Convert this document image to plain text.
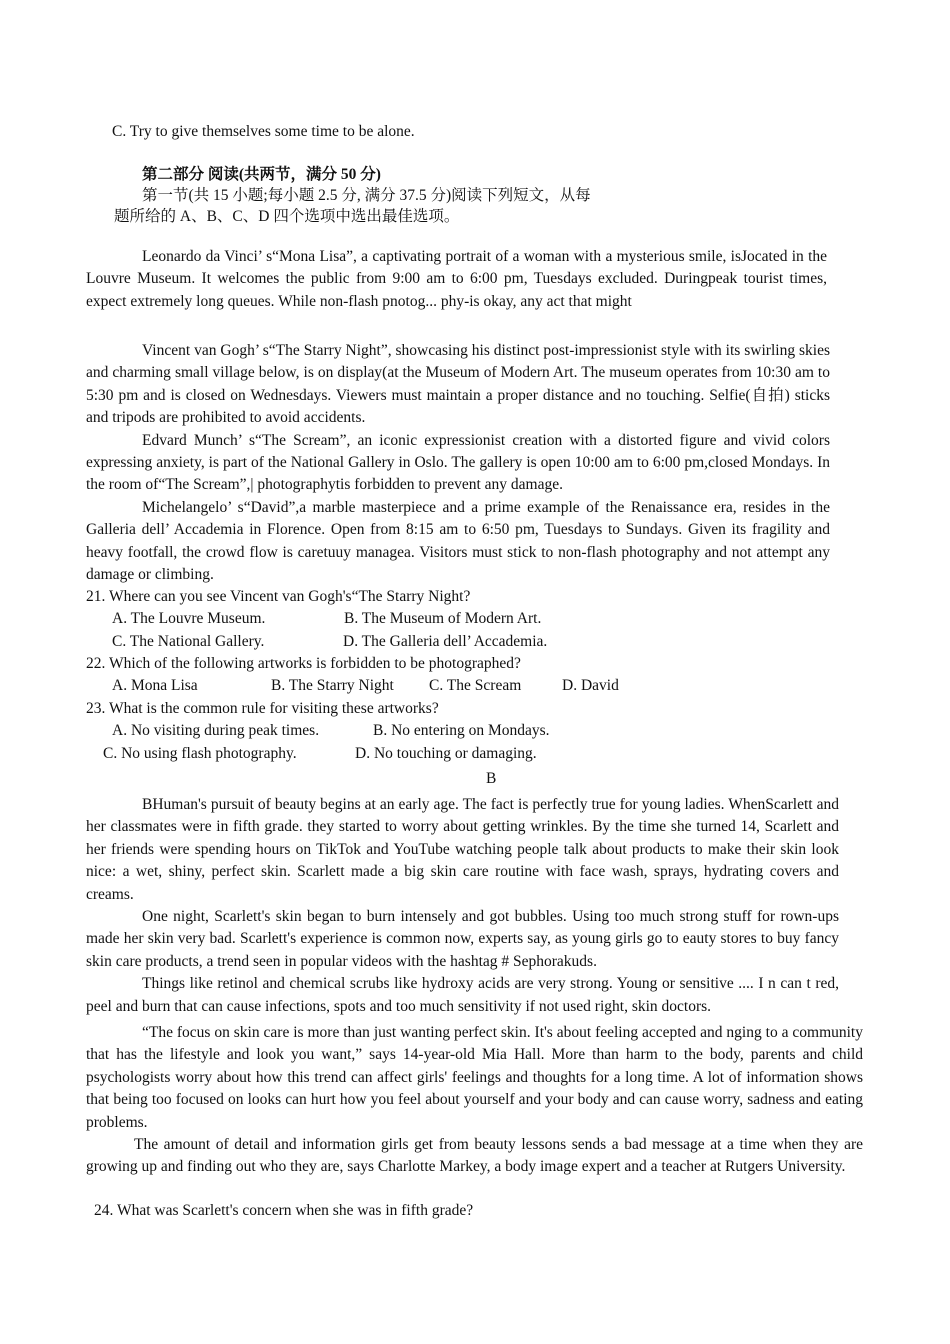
C. Try to give themselves some time to be alone.
第二部分 阅读(共两节，满分 50 分)
第一节(共 15 小题;每小题 2.5 分, 满分 37.5 分)阅读下列短文，从每
题所给的 A、B、C、D 四个选项中选出最佳选项。

Leonardo da Vinci’ s“Mona Lisa”, a captivating portrait of a woman with a mysterious smile, isJocated in the Louvre Museum. It welcomes the public from 9:00 am to 6:00 pm, Tuesdays excluded. Duringpeak tourist times, expect extremely long queues. While non-flash pnotog... phy-is okay, any act that might

Vincent van Gogh’ s“The Starry Night”, showcasing his distinct post-impressionist style with its swirling skies and charming small village below, is on display(at the Museum of Modern Art. The museum operates from 10:30 am to 5:30 pm and is closed on Wednesdays. Viewers must maintain a proper distance and no touching. Selfie(自拍) sticks and tripods are prohibited to avoid accidents.

Edvard Munch’ s“The Scream”, an iconic expressionist creation with a distorted figure and vivid colors expressing anxiety, is part of the National Gallery in Oslo. The gallery is open 10:00 am to 6:00 pm,closed Mondays. In the room of“The Scream”,| photographytis forbidden to prevent any damage.

Michelangelo’ s“David”,a marble masterpiece and a prime example of the Renaissance era, resides in the Galleria dell’ Accademia in Florence. Open from 8:15 am to 6:50 pm, Tuesdays to Sundays. Given its fragility and heavy footfall, the crowd flow is caretuuy managea. Visitors must stick to non-flash photography and not attempt any damage or climbing.

21. Where can you see Vincent van Gogh's“The Starry Night?
A. The Louvre Museum.	B. The Museum of Modern Art.
C. The National Gallery.	D. The Galleria dell’ Accademia.
22. Which of the following artworks is forbidden to be photographed?
A. Mona Lisa	B. The Starry Night C. The Scream	D. David
23. What is the common rule for visiting these artworks?
A. No visiting during peak times.	B. No entering on Mondays.
C. No using flash photography.	D. No touching or damaging.
B

BHuman's pursuit of beauty begins at an early age. The fact is perfectly true for young ladies. WhenScarlett and her classmates were in fifth grade. they started to worry about getting wrinkles. By the time she turned 14, Scarlett and her friends were spending hours on TikTok and YouTube watching people talk about products to make their skin look nice: a wet, shiny, perfect skin. Scarlett made a big skin care routine with face wash, sprays, hydrating covers and creams.

One night, Scarlett's skin began to burn intensely and got bubbles. Using too much strong stuff for rown-ups made her skin very bad. Scarlett's experience is common now, experts say, as young girls go to eauty stores to buy fancy skin care products, a trend seen in popular videos with the hashtag # Sephorakuds.

Things like retinol and chemical scrubs like hydroxy acids are very strong. Young or sensitive .... I n can t red, peel and burn that can cause infections, spots and too much sensitivity if not used right, skin doctors.

“The focus on skin care is more than just wanting perfect skin. It's about feeling accepted and nging to a community that has the lifestyle and look you want,” says 14-year-old Mia Hall. More than harm to the body, parents and child psychologists worry about how this trend can affect girls' feelings and thoughts for a long time. A lot of information shows that being too focused on looks can hurt how you feel about yourself and your body and can cause worry, sadness and eating problems.

The amount of detail and information girls get from beauty lessons sends a bad message at a time when they are growing up and finding out who they are, says Charlotte Markey, a body image expert and a teacher at Rutgers University.

24. What was Scarlett's concern when she was in fifth grade?
